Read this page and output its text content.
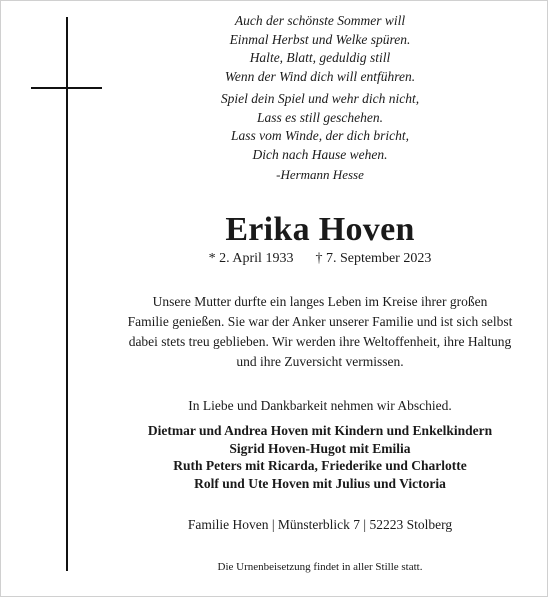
Auch der schönste Sommer will
Einmal Herbst und Welke spüren.
Halte, Blatt, geduldig still
Wenn der Wind dich will entführen.
Spiel dein Spiel und wehr dich nicht,
Lass es still geschehen.
Lass vom Winde, der dich bricht,
Dich nach Hause wehen.
-Hermann Hesse
Erika Hoven
* 2. April 1933 † 7. September 2023
Unsere Mutter durfte ein langes Leben im Kreise ihrer großen
Familie genießen. Sie war der Anker unserer Familie und ist sich selbst
dabei stets treu geblieben. Wir werden ihre Weltoffenheit, ihre Haltung
und ihre Zuversicht vermissen.
In Liebe und Dankbarkeit nehmen wir Abschied.
Dietmar und Andrea Hoven mit Kindern und Enkelkindern
Sigrid Hoven-Hugot mit Emilia
Ruth Peters mit Ricarda, Friederike und Charlotte
Rolf und Ute Hoven mit Julius und Victoria
Familie Hoven | Münsterblick 7 | 52223 Stolberg
Die Urnenbeisetzung findet in aller Stille statt.
